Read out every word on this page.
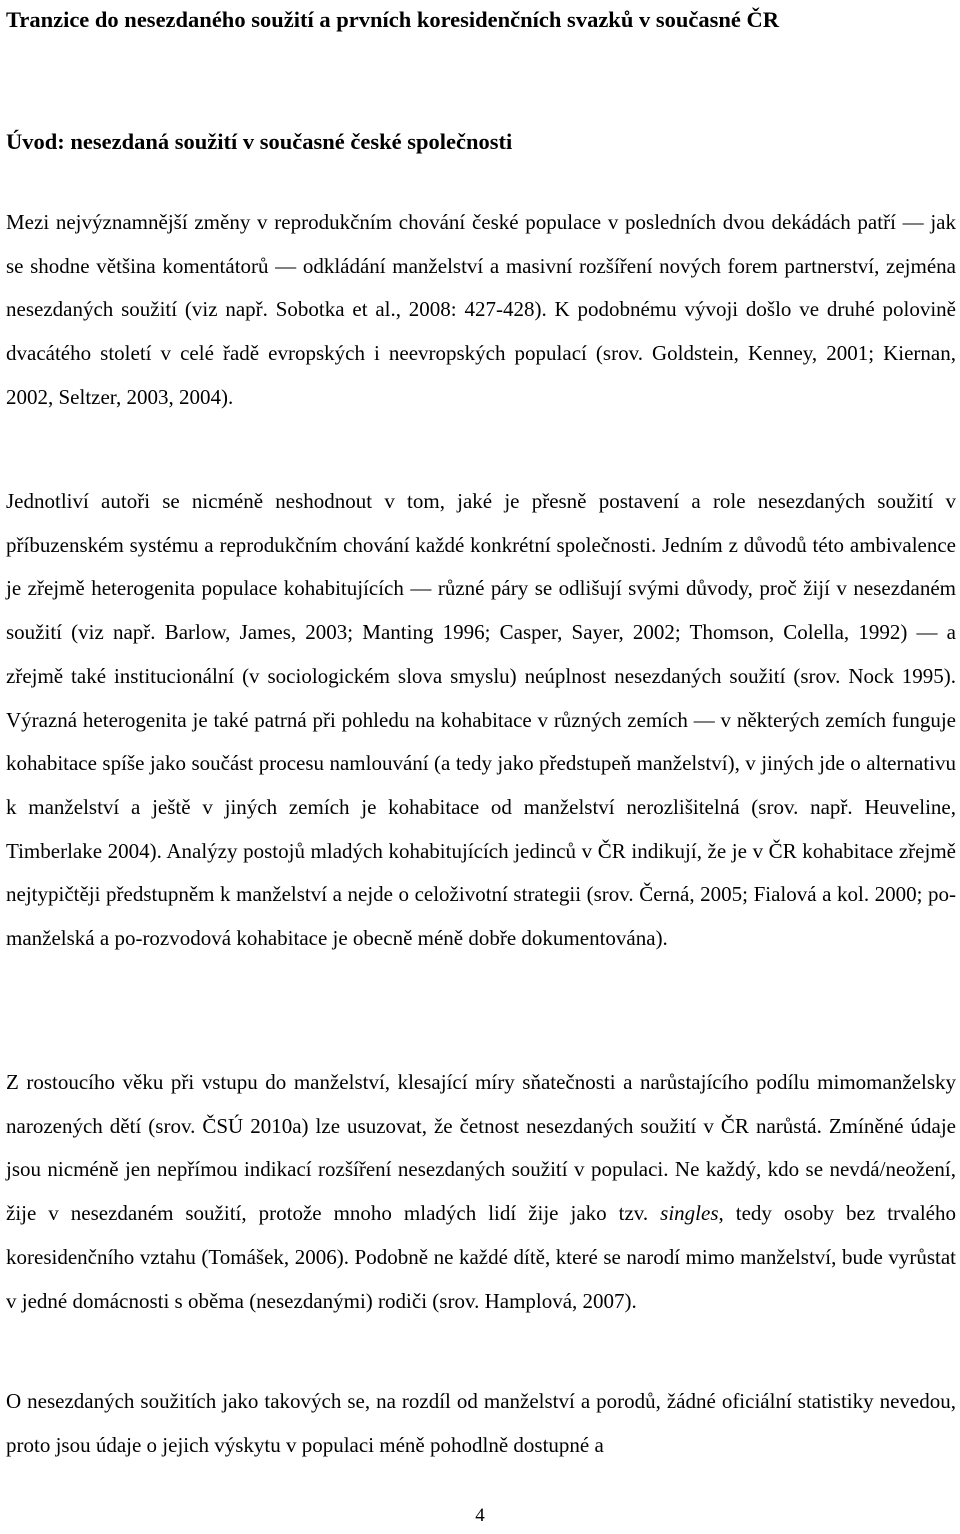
Tranzice do nesezdaného soužití a prvních koresidenčních svazků v současné ČR
Úvod: nesezdaná soužití v současné české společnosti

Mezi nejvýznamnější změny v reprodukčním chování české populace v posledních dvou dekádách patří — jak se shodne většina komentátorů — odkládání manželství a masivní rozšíření nových forem partnerství, zejména nesezdaných soužití (viz např. Sobotka et al., 2008: 427-428). K podobnému vývoji došlo ve druhé polovině dvacátého století v celé řadě evropských i neevropských populací (srov. Goldstein, Kenney, 2001; Kiernan, 2002, Seltzer, 2003, 2004).

Jednotliví autoři se nicméně neshodnout v tom, jaké je přesně postavení a role nesezdaných soužití v příbuzenském systému a reprodukčním chování každé konkrétní společnosti. Jedním z důvodů této ambivalence je zřejmě heterogenita populace kohabitujících — různé páry se odlišují svými důvody, proč žijí v nesezdaném soužití (viz např. Barlow, James, 2003; Manting 1996; Casper, Sayer, 2002; Thomson, Colella, 1992) — a zřejmě také institucionální (v sociologickém slova smyslu) neúplnost nesezdaných soužití (srov. Nock 1995). Výrazná heterogenita je také patrná při pohledu na kohabitace v různých zemích — v některých zemích funguje kohabitace spíše jako součást procesu namlouvání (a tedy jako předstupeň manželství), v jiných jde o alternativu k manželství a ještě v jiných zemích je kohabitace od manželství nerozlišitelná (srov. např. Heuveline, Timberlake 2004). Analýzy postojů mladých kohabitujících jedinců v ČR indikují, že je v ČR kohabitace zřejmě nejtypičtěji předstupněm k manželství a nejde o celoživotní strategii (srov. Černá, 2005; Fialová a kol. 2000; po-manželská a po-rozvodová kohabitace je obecně méně dobře dokumentována).

Z rostoucího věku při vstupu do manželství, klesající míry sňatečnosti a narůstajícího podílu mimomanželsky narozených dětí (srov. ČSÚ 2010a) lze usuzovat, že četnost nesezdaných soužití v ČR narůstá. Zmíněné údaje jsou nicméně jen nepřímou indikací rozšíření nesezdaných soužití v populaci. Ne každý, kdo se nevdá/neožení, žije v nesezdaném soužití, protože mnoho mladých lidí žije jako tzv. singles, tedy osoby bez trvalého koresidenčního vztahu (Tomášek, 2006). Podobně ne každé dítě, které se narodí mimo manželství, bude vyrůstat v jedné domácnosti s oběma (nesezdanými) rodiči (srov. Hamplová, 2007).

O nesezdaných soužitích jako takových se, na rozdíl od manželství a porodů, žádné oficiální statistiky nevedou, proto jsou údaje o jejich výskytu v populaci méně pohodlně dostupné a

4
